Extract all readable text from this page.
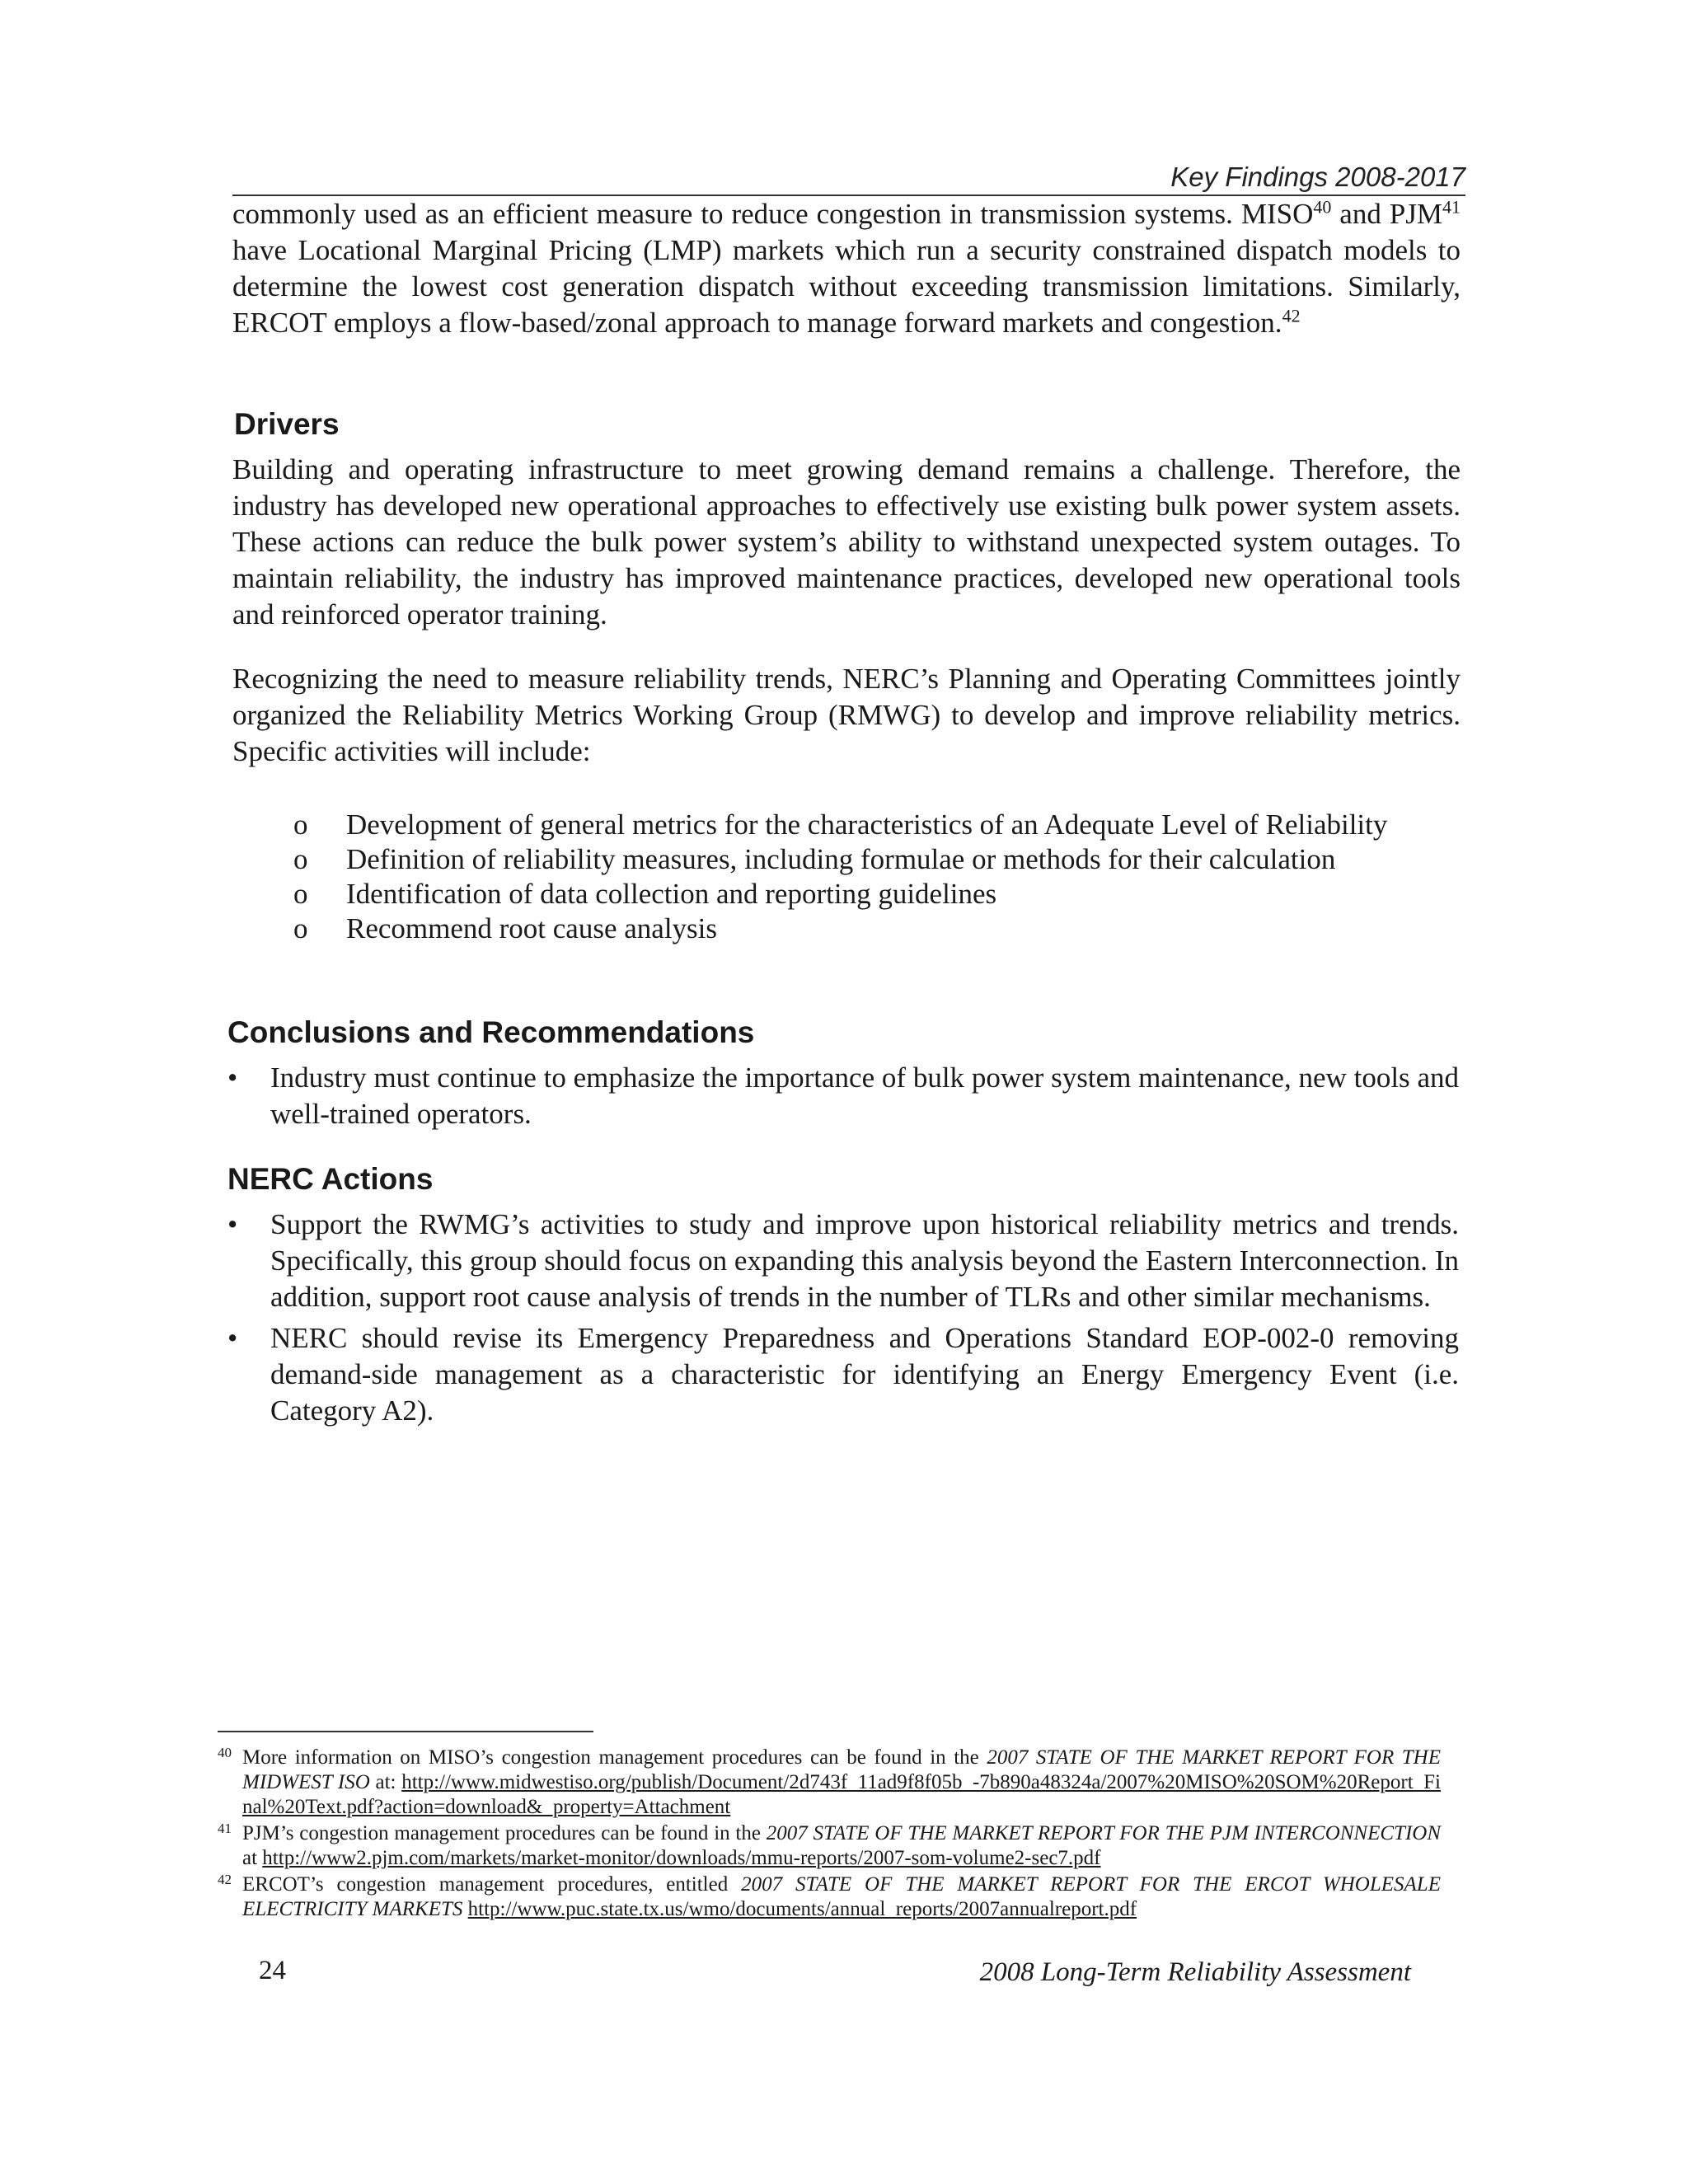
Key Findings 2008-2017
commonly used as an efficient measure to reduce congestion in transmission systems. MISO$^{40}$ and PJM$^{41}$ have Locational Marginal Pricing (LMP) markets which run a security constrained dispatch models to determine the lowest cost generation dispatch without exceeding transmission limitations. Similarly, ERCOT employs a flow-based/zonal approach to manage forward markets and congestion.$^{42}$
Drivers
Building and operating infrastructure to meet growing demand remains a challenge. Therefore, the industry has developed new operational approaches to effectively use existing bulk power system assets. These actions can reduce the bulk power system’s ability to withstand unexpected system outages. To maintain reliability, the industry has improved maintenance practices, developed new operational tools and reinforced operator training.
Recognizing the need to measure reliability trends, NERC’s Planning and Operating Committees jointly organized the Reliability Metrics Working Group (RMWG) to develop and improve reliability metrics. Specific activities will include:
o Development of general metrics for the characteristics of an Adequate Level of Reliability
o Definition of reliability measures, including formulae or methods for their calculation
o Identification of data collection and reporting guidelines
o Recommend root cause analysis
Conclusions and Recommendations
• Industry must continue to emphasize the importance of bulk power system maintenance, new tools and well-trained operators.
NERC Actions
• Support the RWMG’s activities to study and improve upon historical reliability metrics and trends. Specifically, this group should focus on expanding this analysis beyond the Eastern Interconnection. In addition, support root cause analysis of trends in the number of TLRs and other similar mechanisms.
• NERC should revise its Emergency Preparedness and Operations Standard EOP-002-0 removing demand-side management as a characteristic for identifying an Energy Emergency Event (i.e. Category A2).
40 More information on MISO’s congestion management procedures can be found in the 2007 STATE OF THE MARKET REPORT FOR THE MIDWEST ISO at: http://www.midwestiso.org/publish/Document/2d743f_11ad9f8f05b_-7b890a48324a/2007%20MISO%20SOM%20Report_Final%20Text.pdf?action=download&_property=Attachment
41 PJM’s congestion management procedures can be found in the 2007 STATE OF THE MARKET REPORT FOR THE PJM INTERCONNECTION at http://www2.pjm.com/markets/market-monitor/downloads/mmu-reports/2007-som-volume2-sec7.pdf
42 ERCOT’s congestion management procedures, entitled 2007 STATE OF THE MARKET REPORT FOR THE ERCOT WHOLESALE ELECTRICITY MARKETS http://www.puc.state.tx.us/wmo/documents/annual_reports/2007annualreport.pdf
24	2008 Long-Term Reliability Assessment
